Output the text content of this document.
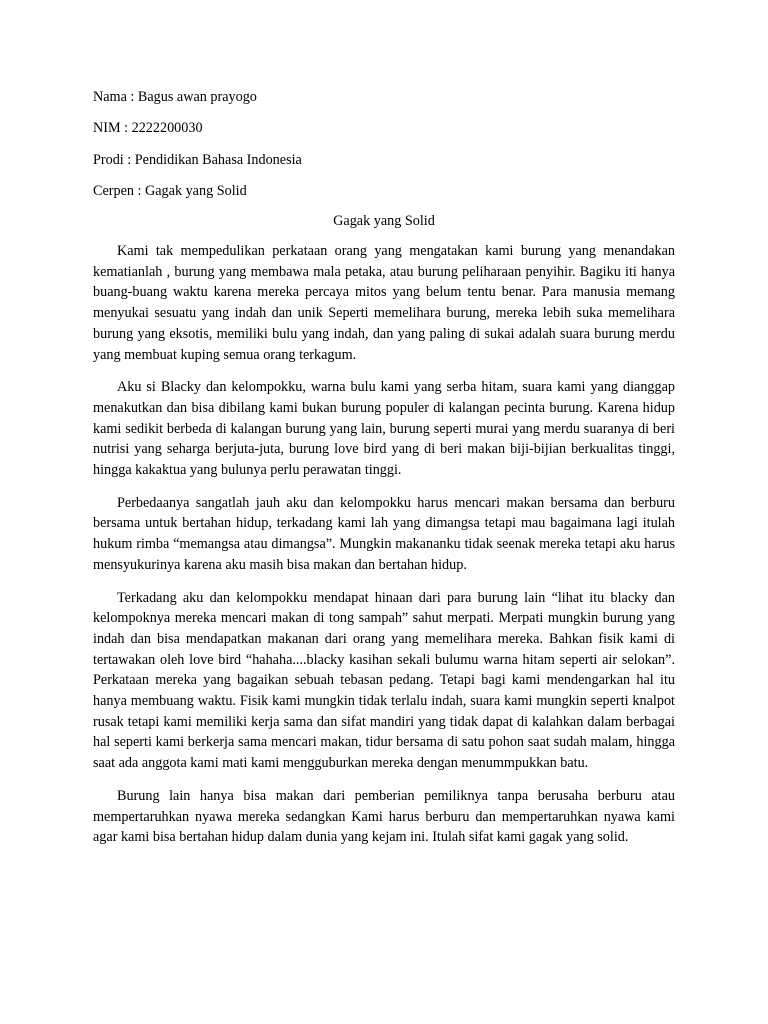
Nama : Bagus awan prayogo
NIM : 2222200030
Prodi : Pendidikan Bahasa Indonesia
Cerpen : Gagak yang Solid
Gagak yang Solid

Kami tak mempedulikan perkataan orang yang mengatakan kami burung yang menandakan kematianlah , burung yang membawa mala petaka, atau burung peliharaan penyihir. Bagiku iti hanya buang-buang waktu karena mereka percaya mitos yang belum tentu benar. Para manusia memang menyukai sesuatu yang indah dan unik Seperti memelihara burung, mereka lebih suka memelihara burung yang eksotis, memiliki bulu yang indah, dan yang paling di sukai adalah suara burung merdu yang membuat kuping semua orang terkagum.

Aku si Blacky dan kelompokku, warna bulu kami yang serba hitam, suara kami yang dianggap menakutkan dan bisa dibilang kami bukan burung populer di kalangan pecinta burung. Karena hidup kami sedikit berbeda di kalangan burung yang lain, burung seperti murai yang merdu suaranya di beri nutrisi yang seharga berjuta-juta, burung love bird yang di beri makan biji-bijian berkualitas tinggi, hingga kakaktua yang bulunya perlu perawatan tinggi.

Perbedaanya sangatlah jauh aku dan kelompokku harus mencari makan bersama dan berburu bersama untuk bertahan hidup, terkadang kami lah yang dimangsa tetapi mau bagaimana lagi itulah hukum rimba “memangsa atau dimangsa”. Mungkin makananku tidak seenak mereka tetapi aku harus mensyukurinya karena aku masih bisa makan dan bertahan hidup.

Terkadang aku dan kelompokku mendapat hinaan dari para burung lain “lihat itu blacky dan kelompoknya mereka mencari makan di tong sampah” sahut merpati. Merpati mungkin burung yang indah dan bisa mendapatkan makanan dari orang yang memelihara mereka. Bahkan fisik kami di tertawakan oleh love bird “hahaha....blacky kasihan sekali bulumu warna hitam seperti air selokan”. Perkataan mereka yang bagaikan sebuah tebasan pedang. Tetapi bagi kami mendengarkan hal itu hanya membuang waktu. Fisik kami mungkin tidak terlalu indah, suara kami mungkin seperti knalpot rusak tetapi kami memiliki kerja sama dan sifat mandiri yang tidak dapat di kalahkan dalam berbagai hal seperti kami berkerja sama mencari makan, tidur bersama di satu pohon saat sudah malam, hingga saat ada anggota kami mati kami mengguburkan mereka dengan menummpukkan batu.

Burung lain hanya bisa makan dari pemberian pemiliknya tanpa berusaha berburu atau mempertaruhkan nyawa mereka sedangkan Kami harus berburu dan mempertaruhkan nyawa kami agar kami bisa bertahan hidup dalam dunia yang kejam ini. Itulah sifat kami gagak yang solid.
